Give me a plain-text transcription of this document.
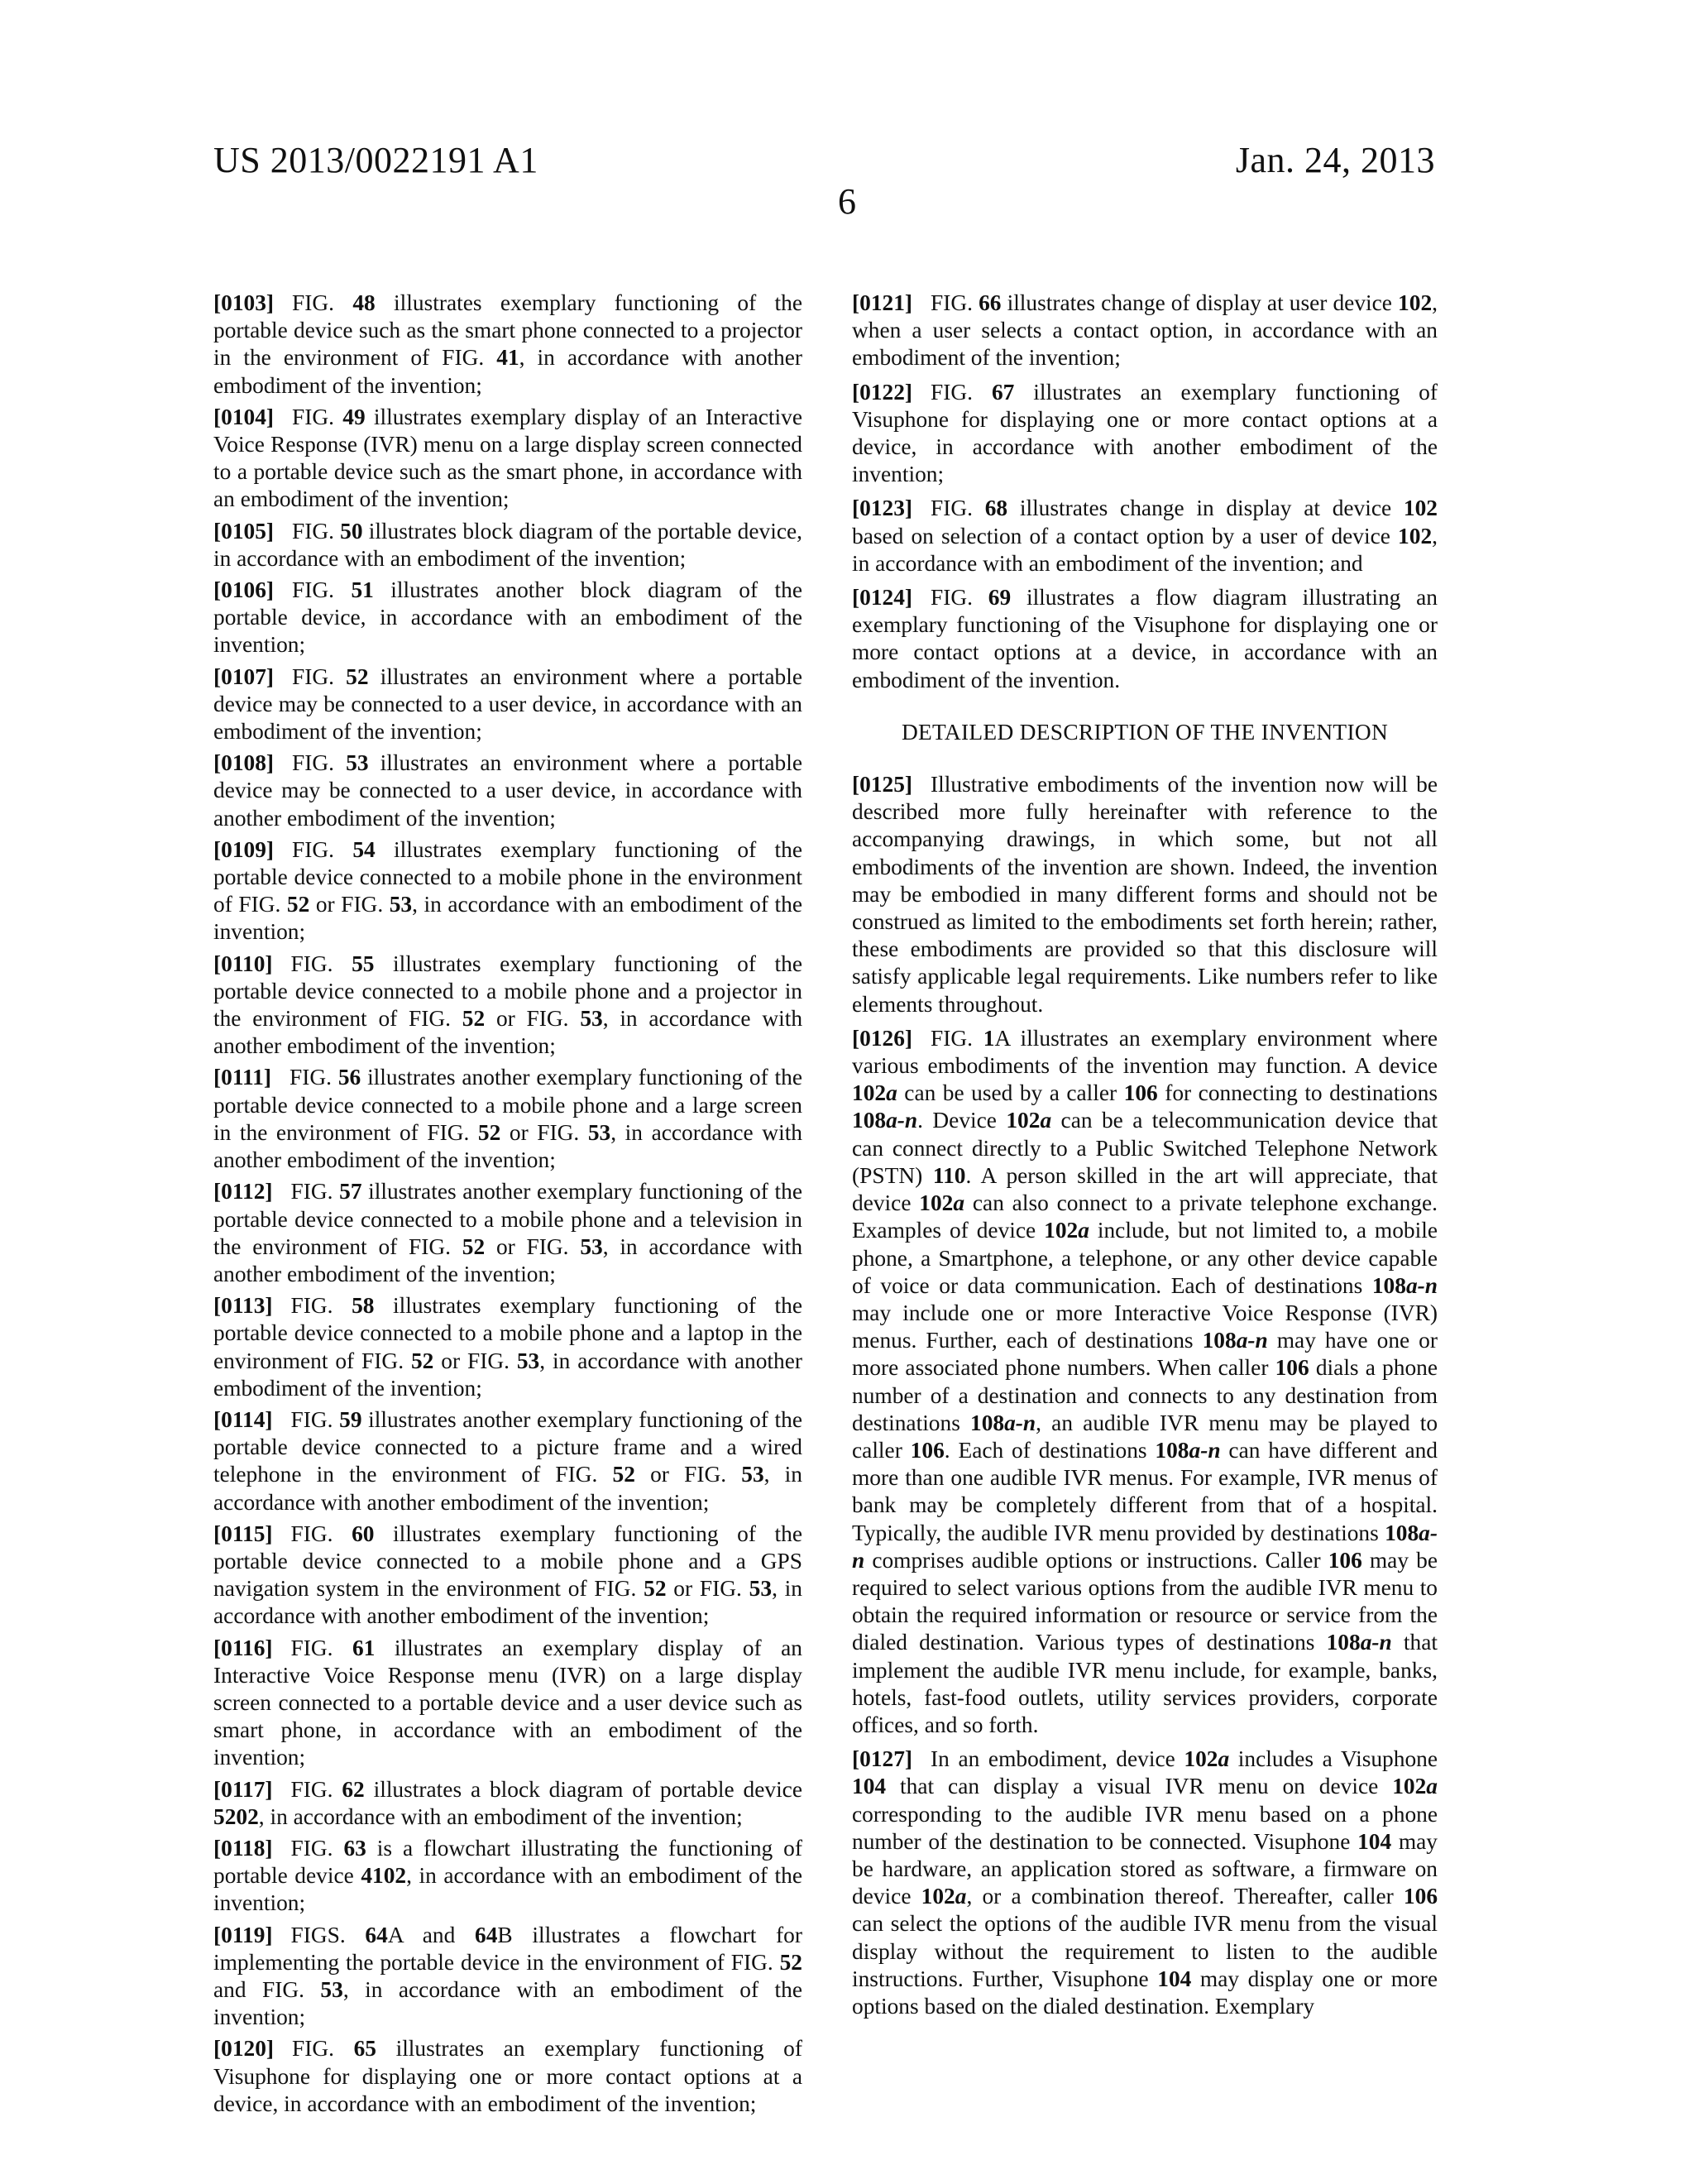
US 2013/0022191 A1	Jan. 24, 2013
6
[0103] FIG. 48 illustrates exemplary functioning of the portable device such as the smart phone connected to a projector in the environment of FIG. 41, in accordance with another embodiment of the invention;
[0104] FIG. 49 illustrates exemplary display of an Interactive Voice Response (IVR) menu on a large display screen connected to a portable device such as the smart phone, in accordance with an embodiment of the invention;
[0105] FIG. 50 illustrates block diagram of the portable device, in accordance with an embodiment of the invention;
[0106] FIG. 51 illustrates another block diagram of the portable device, in accordance with an embodiment of the invention;
[0107] FIG. 52 illustrates an environment where a portable device may be connected to a user device, in accordance with an embodiment of the invention;
[0108] FIG. 53 illustrates an environment where a portable device may be connected to a user device, in accordance with another embodiment of the invention;
[0109] FIG. 54 illustrates exemplary functioning of the portable device connected to a mobile phone in the environment of FIG. 52 or FIG. 53, in accordance with an embodiment of the invention;
[0110] FIG. 55 illustrates exemplary functioning of the portable device connected to a mobile phone and a projector in the environment of FIG. 52 or FIG. 53, in accordance with another embodiment of the invention;
[0111] FIG. 56 illustrates another exemplary functioning of the portable device connected to a mobile phone and a large screen in the environment of FIG. 52 or FIG. 53, in accordance with another embodiment of the invention;
[0112] FIG. 57 illustrates another exemplary functioning of the portable device connected to a mobile phone and a television in the environment of FIG. 52 or FIG. 53, in accordance with another embodiment of the invention;
[0113] FIG. 58 illustrates exemplary functioning of the portable device connected to a mobile phone and a laptop in the environment of FIG. 52 or FIG. 53, in accordance with another embodiment of the invention;
[0114] FIG. 59 illustrates another exemplary functioning of the portable device connected to a picture frame and a wired telephone in the environment of FIG. 52 or FIG. 53, in accordance with another embodiment of the invention;
[0115] FIG. 60 illustrates exemplary functioning of the portable device connected to a mobile phone and a GPS navigation system in the environment of FIG. 52 or FIG. 53, in accordance with another embodiment of the invention;
[0116] FIG. 61 illustrates an exemplary display of an Interactive Voice Response menu (IVR) on a large display screen connected to a portable device and a user device such as smart phone, in accordance with an embodiment of the invention;
[0117] FIG. 62 illustrates a block diagram of portable device 5202, in accordance with an embodiment of the invention;
[0118] FIG. 63 is a flowchart illustrating the functioning of portable device 4102, in accordance with an embodiment of the invention;
[0119] FIGS. 64A and 64B illustrates a flowchart for implementing the portable device in the environment of FIG. 52 and FIG. 53, in accordance with an embodiment of the invention;
[0120] FIG. 65 illustrates an exemplary functioning of Visuphone for displaying one or more contact options at a device, in accordance with an embodiment of the invention;
[0121] FIG. 66 illustrates change of display at user device 102, when a user selects a contact option, in accordance with an embodiment of the invention;
[0122] FIG. 67 illustrates an exemplary functioning of Visuphone for displaying one or more contact options at a device, in accordance with another embodiment of the invention;
[0123] FIG. 68 illustrates change in display at device 102 based on selection of a contact option by a user of device 102, in accordance with an embodiment of the invention; and
[0124] FIG. 69 illustrates a flow diagram illustrating an exemplary functioning of the Visuphone for displaying one or more contact options at a device, in accordance with an embodiment of the invention.
DETAILED DESCRIPTION OF THE INVENTION
[0125] Illustrative embodiments of the invention now will be described more fully hereinafter with reference to the accompanying drawings, in which some, but not all embodiments of the invention are shown. Indeed, the invention may be embodied in many different forms and should not be construed as limited to the embodiments set forth herein; rather, these embodiments are provided so that this disclosure will satisfy applicable legal requirements. Like numbers refer to like elements throughout.
[0126] FIG. 1A illustrates an exemplary environment where various embodiments of the invention may function. A device 102a can be used by a caller 106 for connecting to destinations 108a-n. Device 102a can be a telecommunication device that can connect directly to a Public Switched Telephone Network (PSTN) 110. A person skilled in the art will appreciate, that device 102a can also connect to a private telephone exchange. Examples of device 102a include, but not limited to, a mobile phone, a Smartphone, a telephone, or any other device capable of voice or data communication. Each of destinations 108a-n may include one or more Interactive Voice Response (IVR) menus. Further, each of destinations 108a-n may have one or more associated phone numbers. When caller 106 dials a phone number of a destination and connects to any destination from destinations 108a-n, an audible IVR menu may be played to caller 106. Each of destinations 108a-n can have different and more than one audible IVR menus. For example, IVR menus of bank may be completely different from that of a hospital. Typically, the audible IVR menu provided by destinations 108a-n comprises audible options or instructions. Caller 106 may be required to select various options from the audible IVR menu to obtain the required information or resource or service from the dialed destination. Various types of destinations 108a-n that implement the audible IVR menu include, for example, banks, hotels, fast-food outlets, utility services providers, corporate offices, and so forth.
[0127] In an embodiment, device 102a includes a Visuphone 104 that can display a visual IVR menu on device 102a corresponding to the audible IVR menu based on a phone number of the destination to be connected. Visuphone 104 may be hardware, an application stored as software, a firmware on device 102a, or a combination thereof. Thereafter, caller 106 can select the options of the audible IVR menu from the visual display without the requirement to listen to the audible instructions. Further, Visuphone 104 may display one or more options based on the dialed destination. Exemplary
